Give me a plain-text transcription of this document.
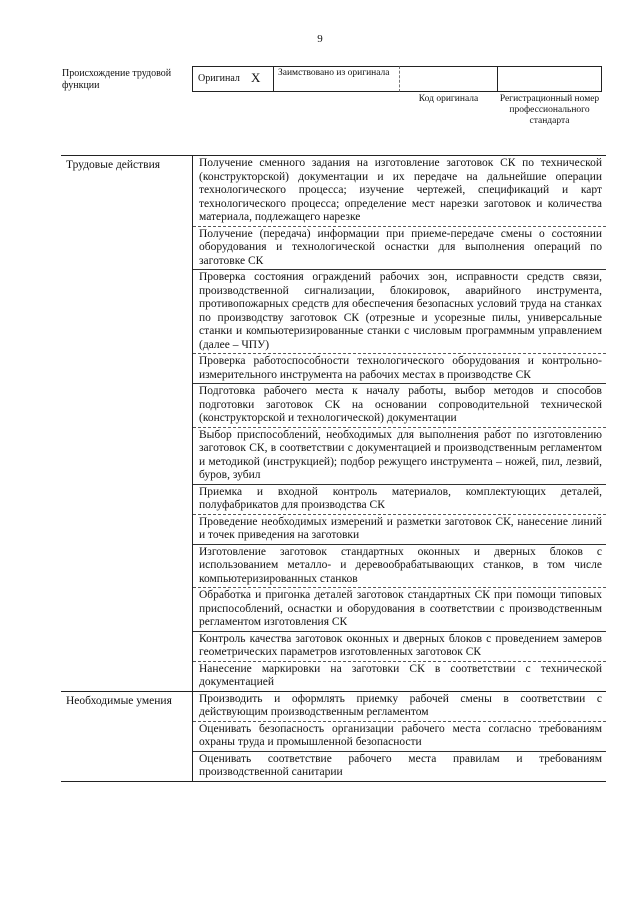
9
Происхождение трудовой функции
Оригинал X Заимствовано из оригинала
Код оригинала	Регистрационный номер профессионального стандарта
Трудовые действия	Получение сменного задания на изготовление заготовок СК по технической (конструкторской) документации и их передаче на дальнейшие операции технологического процесса; изучение чертежей, спецификаций и карт технологического процесса; определение мест нарезки заготовок и количества материала, подлежащего нарезке
Получение (передача) информации при приеме-передаче смены о состоянии оборудования и технологической оснастки для выполнения операций по заготовке СК
Проверка состояния ограждений рабочих зон, исправности средств связи, производственной сигнализации, блокировок, аварийного инструмента, противопожарных средств для обеспечения безопасных условий труда на станках по производству заготовок СК (отрезные и усорезные пилы, универсальные станки и компьютеризированные станки с числовым программным управлением (далее – ЧПУ)
Проверка работоспособности технологического оборудования и контрольно-измерительного инструмента на рабочих местах в производстве СК
Подготовка рабочего места к началу работы, выбор методов и способов подготовки заготовок СК на основании сопроводительной технической (конструкторской и технологической) документации
Выбор приспособлений, необходимых для выполнения работ по изготовлению заготовок СК, в соответствии с документацией и производственным регламентом и методикой (инструкцией); подбор режущего инструмента – ножей, пил, лезвий, буров, зубил
Приемка и входной контроль материалов, комплектующих деталей, полуфабрикатов для производства СК
Проведение необходимых измерений и разметки заготовок СК, нанесение линий и точек приведения на заготовки
Изготовление заготовок стандартных оконных и дверных блоков с использованием металло- и деревообрабатывающих станков, в том числе компьютеризированных станков
Обработка и пригонка деталей заготовок стандартных СК при помощи типовых приспособлений, оснастки и оборудования в соответствии с производственным регламентом изготовления СК
Контроль качества заготовок оконных и дверных блоков с проведением замеров геометрических параметров изготовленных заготовок СК
Нанесение маркировки на заготовки СК в соответствии с технической документацией
Необходимые умения	Производить и оформлять приемку рабочей смены в соответствии с действующим производственным регламентом
Оценивать безопасность организации рабочего места согласно требованиям охраны труда и промышленной безопасности
Оценивать соответствие рабочего места правилам и требованиям производственной санитарии
